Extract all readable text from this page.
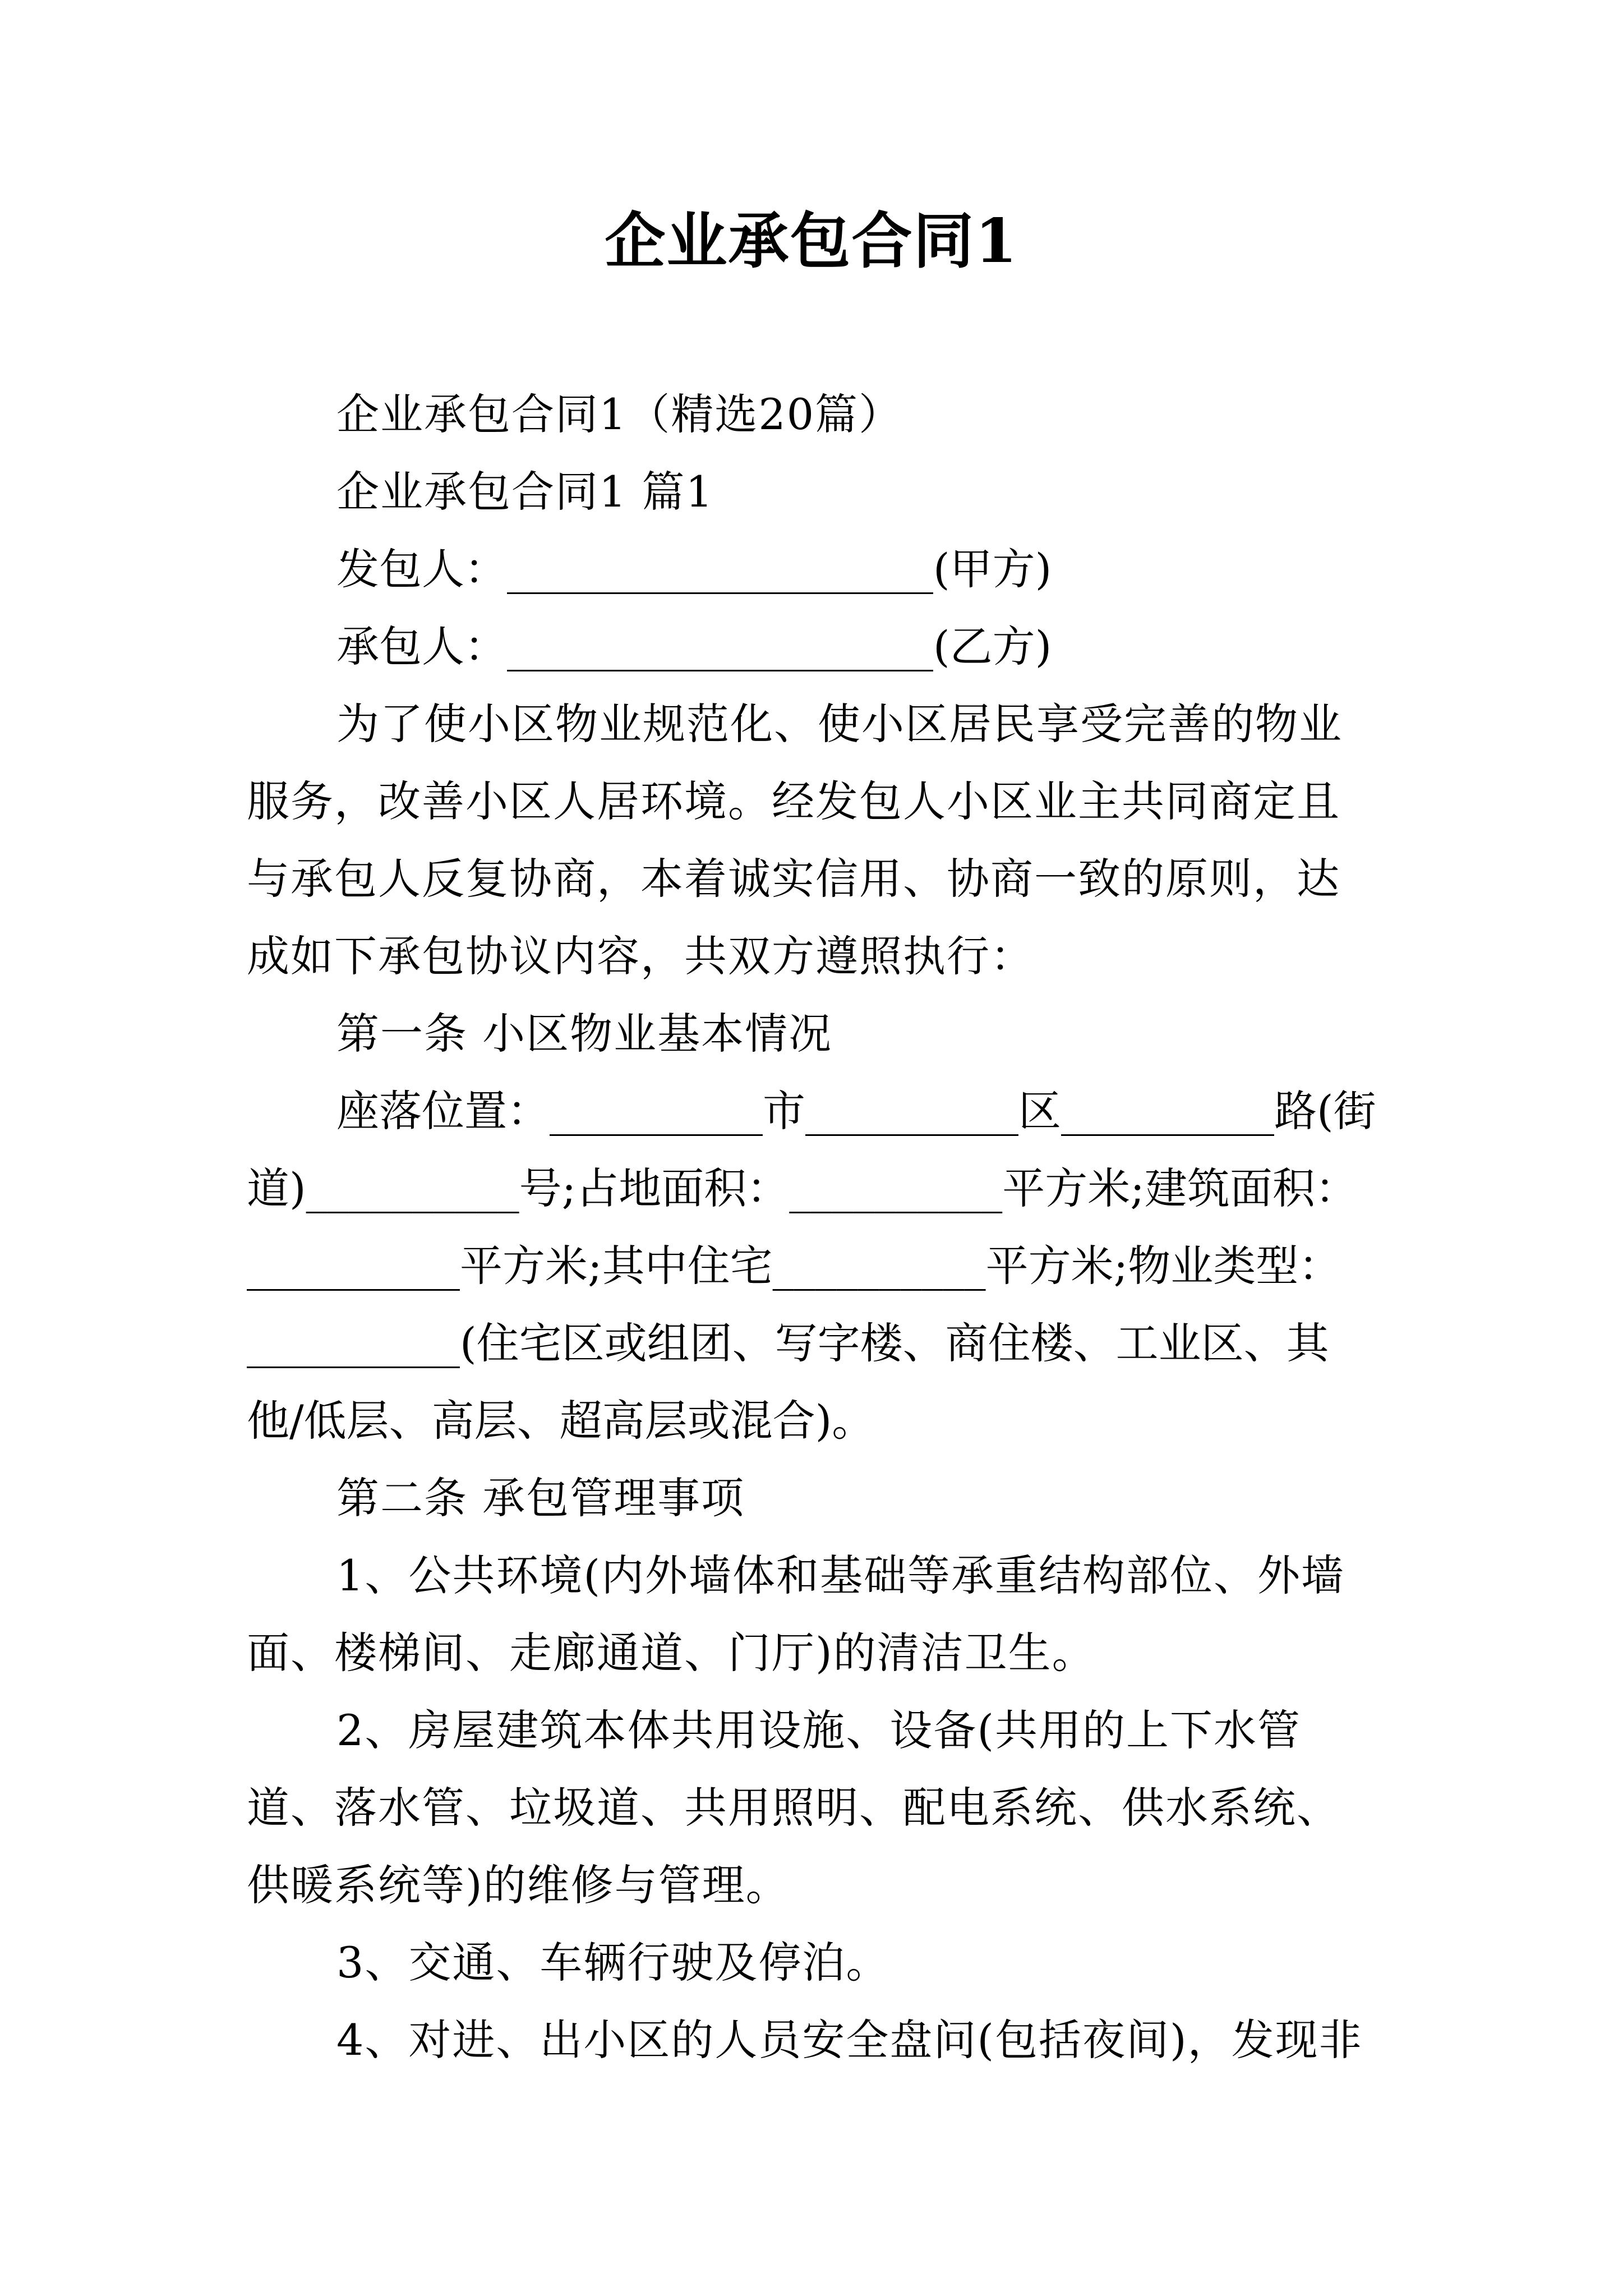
企业承包合同1

企业承包合同1（精选20篇）

企业承包合同1 篇1

发包人：____________________(甲方)

承包人：____________________(乙方)

为了使小区物业规范化、使小区居民享受完善的物业服务，改善小区人居环境。经发包人小区业主共同商定且与承包人反复协商，本着诚实信用、协商一致的原则，达成如下承包协议内容，共双方遵照执行：

第一条 小区物业基本情况

座落位置：__________市__________区__________路(街道)__________号;占地面积：__________平方米;建筑面积：__________平方米;其中住宅__________平方米;物业类型：__________(住宅区或组团、写字楼、商住楼、工业区、其他/低层、高层、超高层或混合)。

第二条 承包管理事项

1、公共环境(内外墙体和基础等承重结构部位、外墙面、楼梯间、走廊通道、门厅)的清洁卫生。

2、房屋建筑本体共用设施、设备(共用的上下水管道、落水管、垃圾道、共用照明、配电系统、供水系统、供暖系统等)的维修与管理。

3、交通、车辆行驶及停泊。

4、对进、出小区的人员安全盘问(包括夜间)，发现非
